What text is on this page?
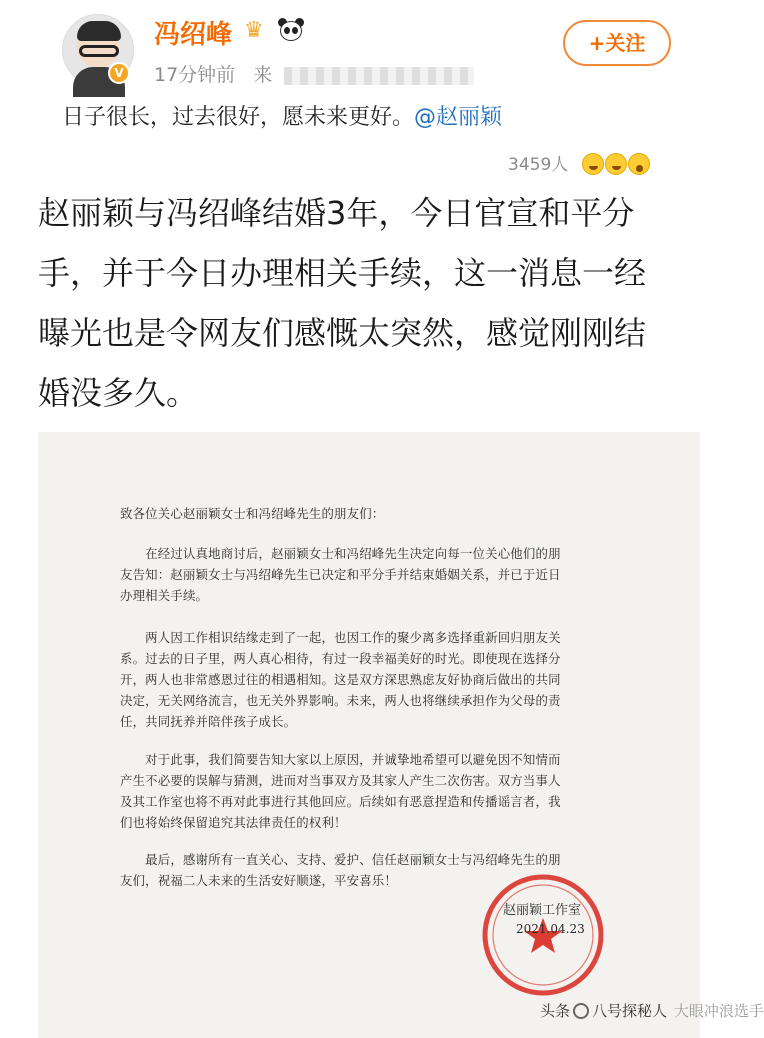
V
冯绍峰 ♛
17分钟前 来
+关注
日子很长，过去很好，愿未来更好。@赵丽颖
3459人
赵丽颖与冯绍峰结婚3年，今日官宣和平分
手，并于今日办理相关手续，这一消息一经
曝光也是令网友们感慨太突然，感觉刚刚结
婚没多久。
致各位关心赵丽颖女士和冯绍峰先生的朋友们：
　　在经过认真地商讨后，赵丽颖女士和冯绍峰先生决定向每一位关心他们的朋
友告知：赵丽颖女士与冯绍峰先生已决定和平分手并结束婚姻关系，并已于近日
办理相关手续。
　　两人因工作相识结缘走到了一起，也因工作的聚少离多选择重新回归朋友关
系。过去的日子里，两人真心相待，有过一段幸福美好的时光。即使现在选择分
开，两人也非常感恩过往的相遇相知。这是双方深思熟虑友好协商后做出的共同
决定，无关网络流言，也无关外界影响。未来，两人也将继续承担作为父母的责
任，共同抚养并陪伴孩子成长。
　　对于此事，我们简要告知大家以上原因，并诚挚地希望可以避免因不知情而
产生不必要的误解与猜测，进而对当事双方及其家人产生二次伤害。双方当事人
及其工作室也将不再对此事进行其他回应。后续如有恶意捏造和传播谣言者，我
们也将始终保留追究其法律责任的权利！
　　最后，感谢所有一直关心、支持、爱护、信任赵丽颖女士与冯绍峰先生的朋
友们，祝福二人未来的生活安好顺遂，平安喜乐！
赵丽颖工作室
2021.04.23
头条 八号探秘人 大眼冲浪选手
